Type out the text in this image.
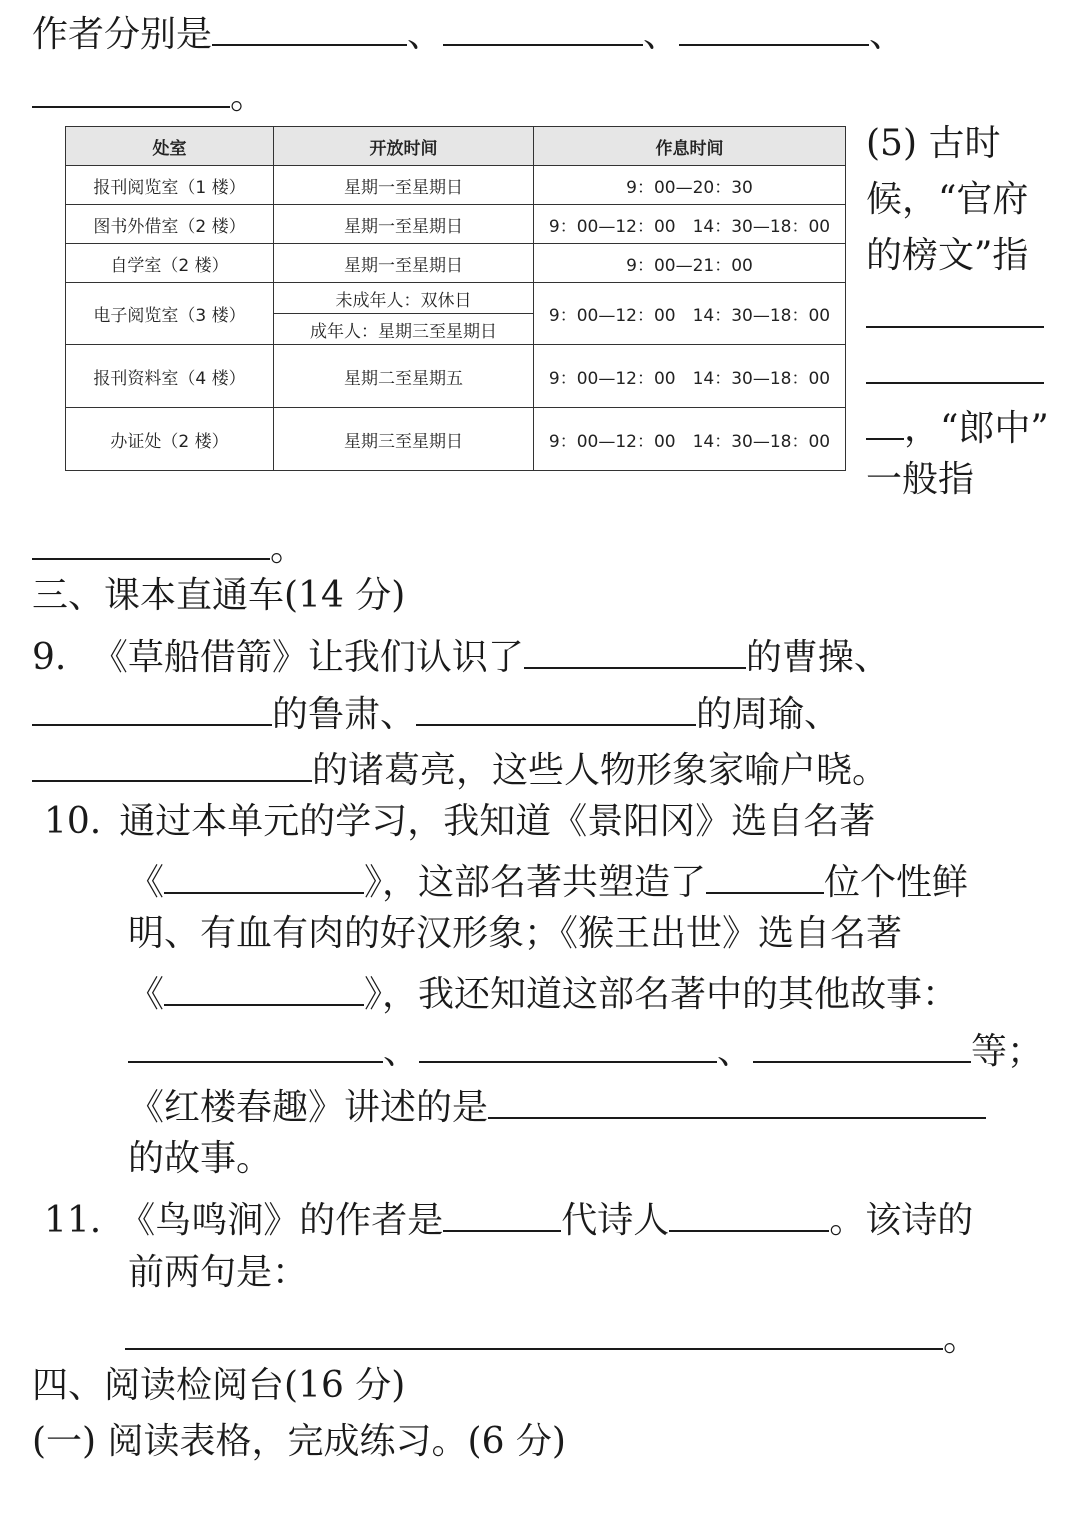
作者分别是	、	、	、
。
处室	开放时间	作息时间
报刊阅览室（1 楼）	星期一至星期日	9：00—20：30
图书外借室（2 楼）	星期一至星期日	9：00—12：00　14：30—18：00
自学室（2 楼）	星期一至星期日	9：00—21：00
电子阅览室（3 楼）	未成年人：双休日	9：00—12：00　14：30—18：00
	成年人：星期三至星期日	
报刊资料室（4 楼）	星期二至星期五	9：00—12：00　14：30—18：00
办证处（2 楼）	星期三至星期日	9：00—12：00　14：30—18：00
(5) 古时
候，“官府
的榜文”指
，“郎中”
一般指
。
三、课本直通车(14 分)
9. 《草船借箭》让我们认识了	的曹操、
的鲁肃、	的周瑜、
的诸葛亮，这些人物形象家喻户晓。
10. 通过本单元的学习，我知道《景阳冈》选自名著
《	》，这部名著共塑造了	位个性鲜
明、有血有肉的好汉形象；《猴王出世》选自名著
《	》，我还知道这部名著中的其他故事：
、	、	等；
《红楼春趣》讲述的是
的故事。
11. 《鸟鸣涧》的作者是	代诗人	。该诗的
前两句是：
。
四、阅读检阅台(16 分)
(一) 阅读表格，完成练习。(6 分)
